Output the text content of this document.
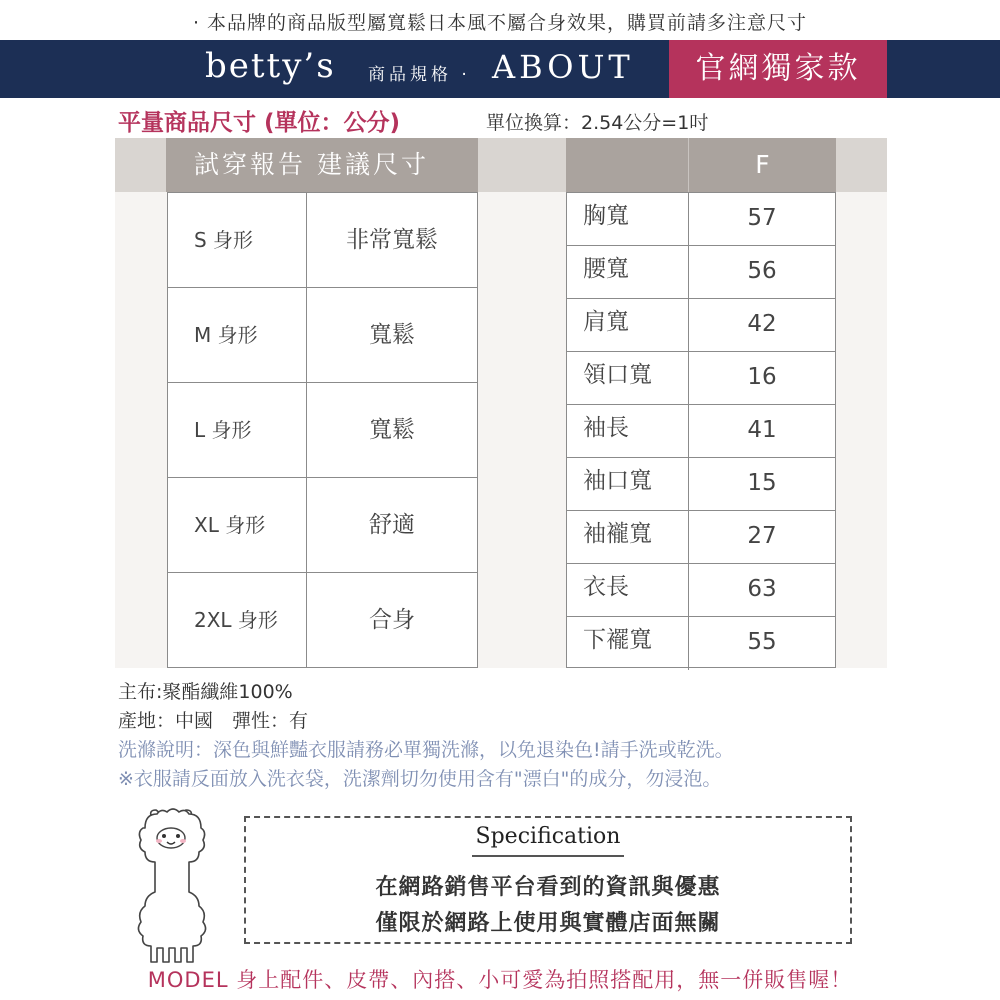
· 本品牌的商品版型屬寬鬆日本風不屬合身效果，購買前請多注意尺寸
betty’s 商品規格 · ABOUT	官網獨家款
平量商品尺寸 (單位：公分)	單位換算：2.54公分=1吋
試穿報告 建議尺寸	F
S 身形	非常寬鬆
M 身形	寬鬆
L 身形	寬鬆
XL 身形	舒適
2XL 身形	合身
胸寬	57
腰寬	56
肩寬	42
領口寬	16
袖長	41
袖口寬	15
袖襱寬	27
衣長	63
下襬寬	55
主布:聚酯纖維100%
產地：中國　彈性：有
洗滌說明：深色與鮮豔衣服請務必單獨洗滌，以免退染色!請手洗或乾洗。
※衣服請反面放入洗衣袋，洗潔劑切勿使用含有"漂白"的成分，勿浸泡。
Specification
在網路銷售平台看到的資訊與優惠
僅限於網路上使用與實體店面無關
MODEL 身上配件、皮帶、內搭、小可愛為拍照搭配用，無一併販售喔！
